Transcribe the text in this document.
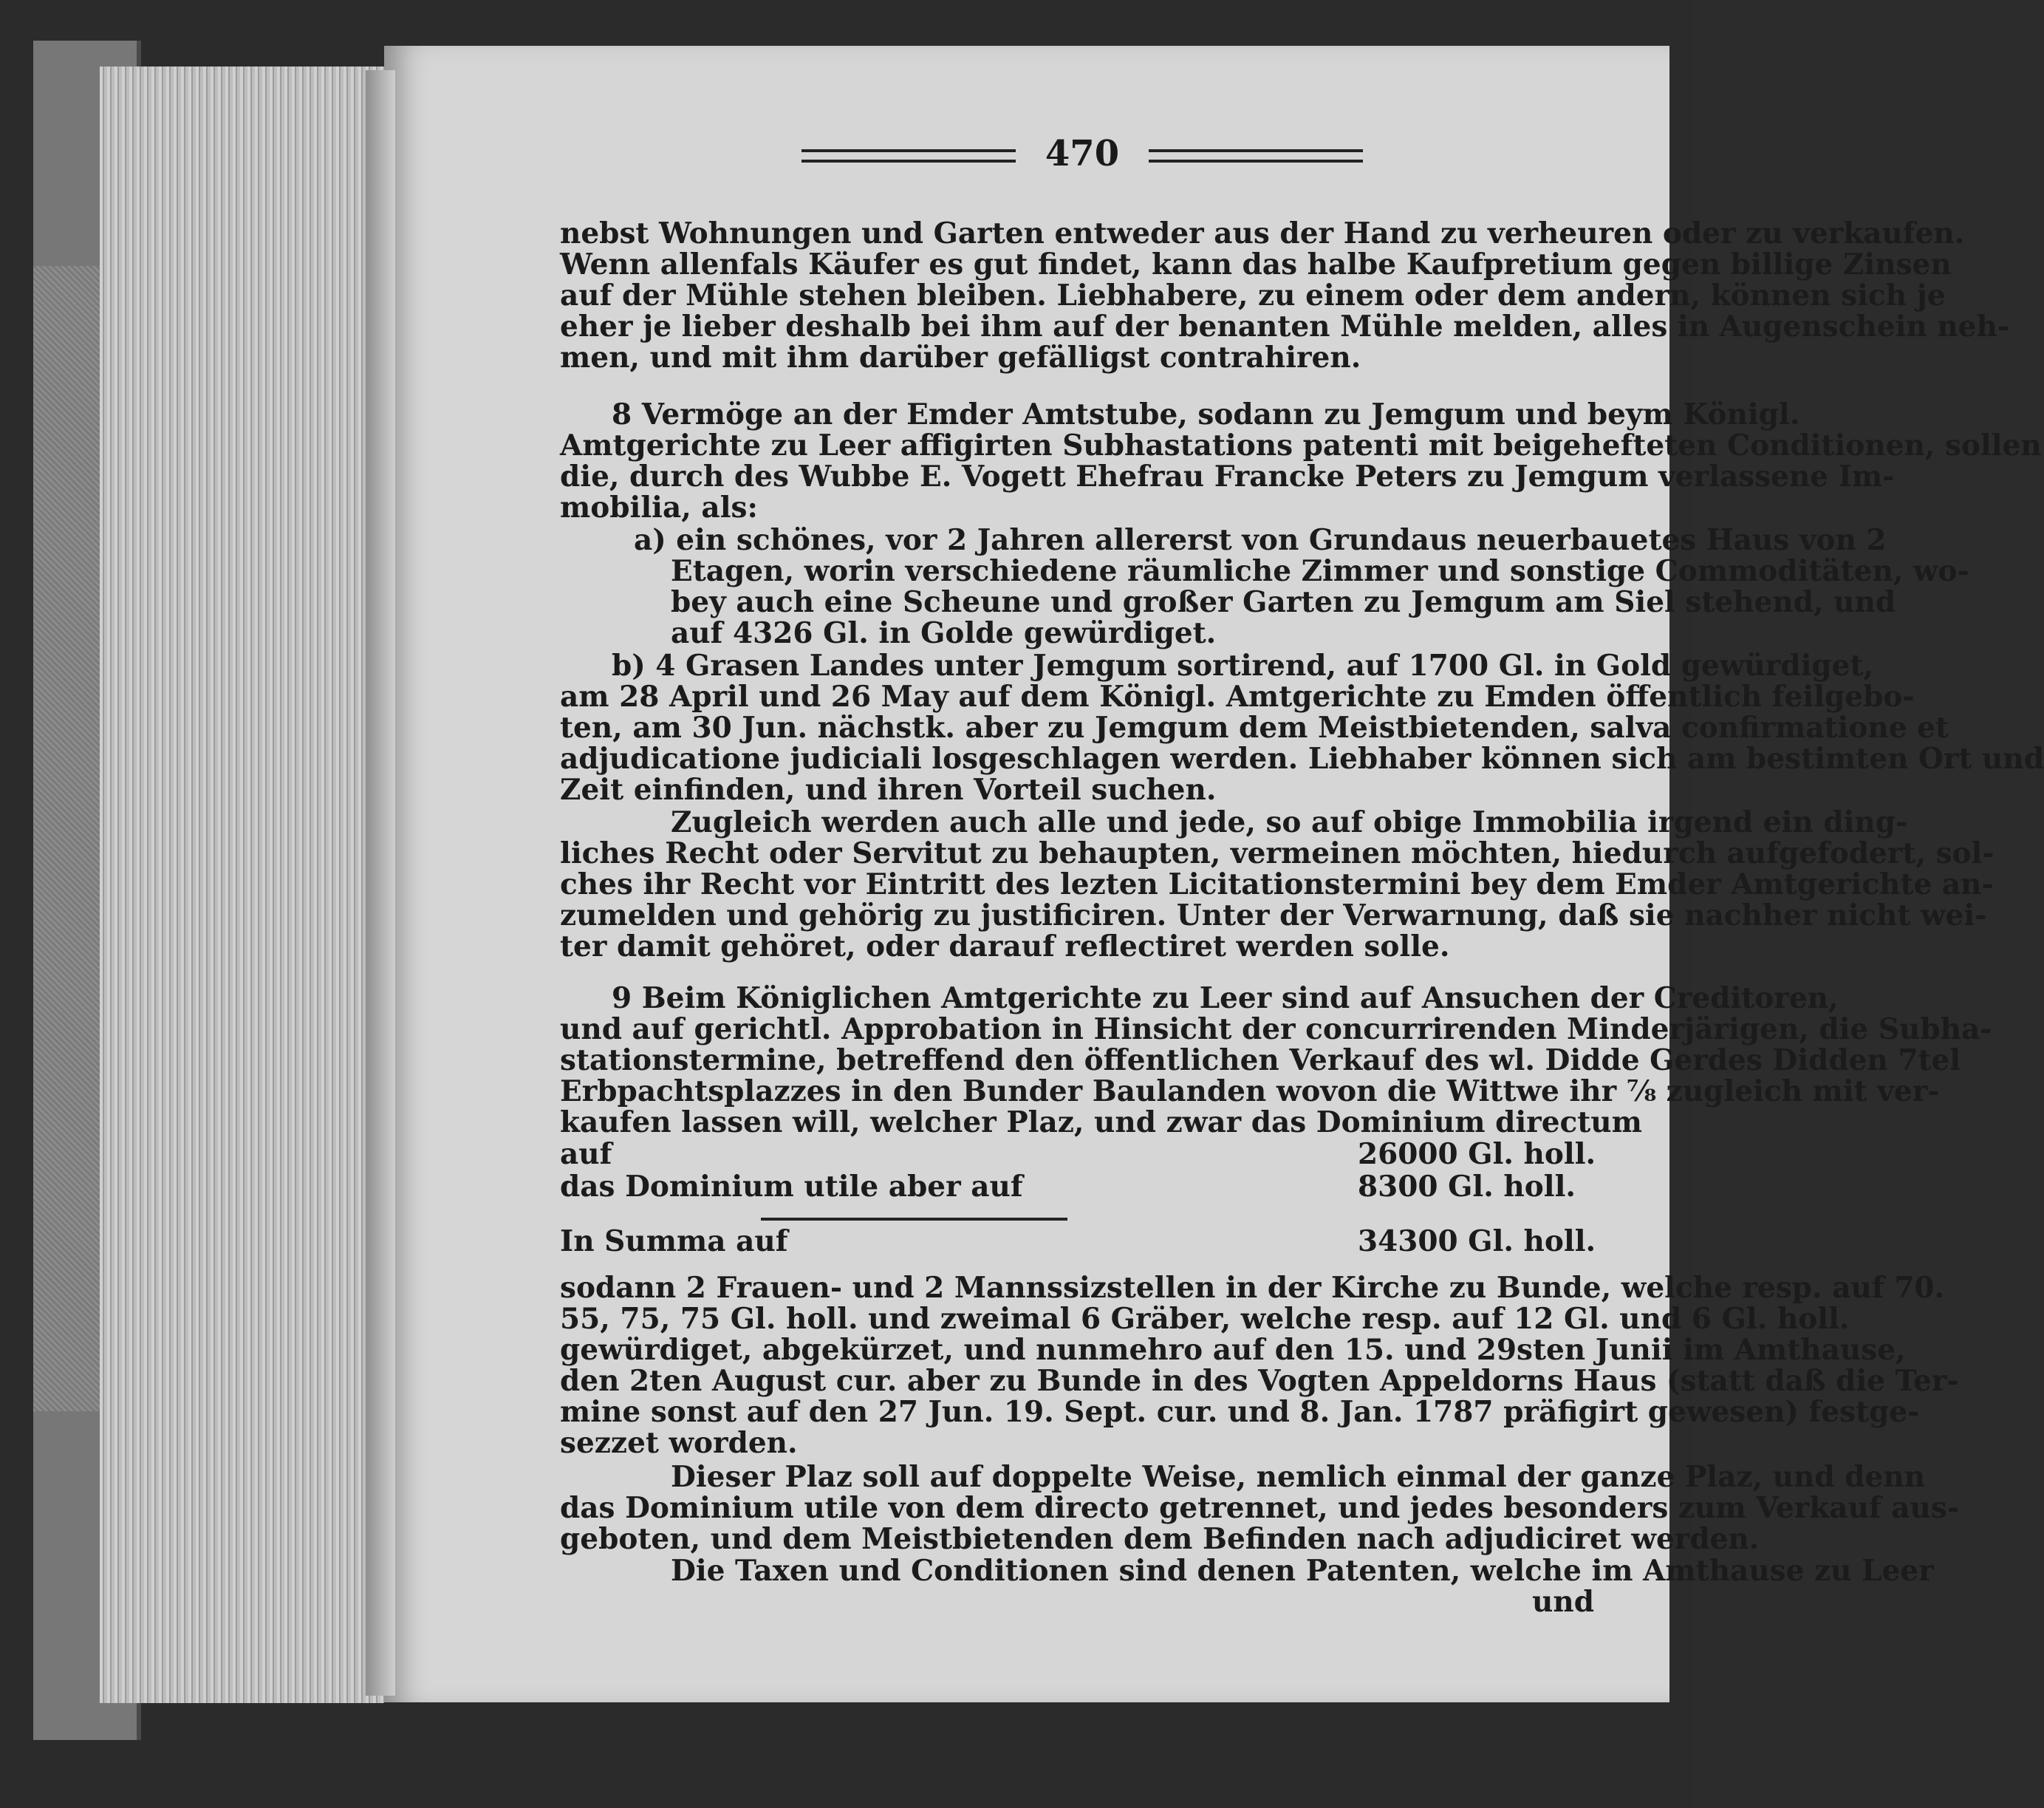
470
nebst Wohnungen und Garten entweder aus der Hand zu verheuren oder zu verkaufen.
Wenn allenfals Käufer es gut findet, kann das halbe Kaufpretium gegen billige Zinsen
auf der Mühle stehen bleiben. Liebhabere, zu einem oder dem andern, können sich je
eher je lieber deshalb bei ihm auf der benanten Mühle melden, alles in Augenschein neh-
men, und mit ihm darüber gefälligst contrahiren.
8 Vermöge an der Emder Amtstube, sodann zu Jemgum und beym Königl.
Amtgerichte zu Leer affigirten Subhastations patenti mit beigehefteten Conditionen, sollen
die, durch des Wubbe E. Vogett Ehefrau Francke Peters zu Jemgum verlassene Im-
mobilia, als:
a) ein schönes, vor 2 Jahren allererst von Grundaus neuerbauetes Haus von 2
Etagen, worin verschiedene räumliche Zimmer und sonstige Commoditäten, wo-
bey auch eine Scheune und großer Garten zu Jemgum am Siel stehend, und
auf 4326 Gl. in Golde gewürdiget.
b) 4 Grasen Landes unter Jemgum sortirend, auf 1700 Gl. in Gold gewürdiget,
am 28 April und 26 May auf dem Königl. Amtgerichte zu Emden öffentlich feilgebo-
ten, am 30 Jun. nächstk. aber zu Jemgum dem Meistbietenden, salva confirmatione et
adjudicatione judiciali losgeschlagen werden. Liebhaber können sich am bestimten Ort und
Zeit einfinden, und ihren Vorteil suchen.
Zugleich werden auch alle und jede, so auf obige Immobilia irgend ein ding-
liches Recht oder Servitut zu behaupten, vermeinen möchten, hiedurch aufgefodert, sol-
ches ihr Recht vor Eintritt des lezten Licitationstermini bey dem Emder Amtgerichte an-
zumelden und gehörig zu justificiren. Unter der Verwarnung, daß sie nachher nicht wei-
ter damit gehöret, oder darauf reflectiret werden solle.
9 Beim Königlichen Amtgerichte zu Leer sind auf Ansuchen der Creditoren,
und auf gerichtl. Approbation in Hinsicht der concurrirenden Minderjärigen, die Subha-
stationstermine, betreffend den öffentlichen Verkauf des wl. Didde Gerdes Didden 7tel
Erbpachtsplazzes in den Bunder Baulanden wovon die Wittwe ihr ⅞ zugleich mit ver-
kaufen lassen will, welcher Plaz, und zwar das Dominium directum
auf	26000 Gl. holl.
das Dominium utile aber auf	8300 Gl. holl.
In Summa auf	34300 Gl. holl.
sodann 2 Frauen- und 2 Mannssizstellen in der Kirche zu Bunde, welche resp. auf 70.
55, 75, 75 Gl. holl. und zweimal 6 Gräber, welche resp. auf 12 Gl. und 6 Gl. holl.
gewürdiget, abgekürzet, und nunmehro auf den 15. und 29sten Junii im Amthause,
den 2ten August cur. aber zu Bunde in des Vogten Appeldorns Haus (statt daß die Ter-
mine sonst auf den 27 Jun. 19. Sept. cur. und 8. Jan. 1787 präfigirt gewesen) festge-
sezzet worden.
Dieser Plaz soll auf doppelte Weise, nemlich einmal der ganze Plaz, und denn
das Dominium utile von dem directo getrennet, und jedes besonders zum Verkauf aus-
geboten, und dem Meistbietenden dem Befinden nach adjudiciret werden.
Die Taxen und Conditionen sind denen Patenten, welche im Amthause zu Leer
und
